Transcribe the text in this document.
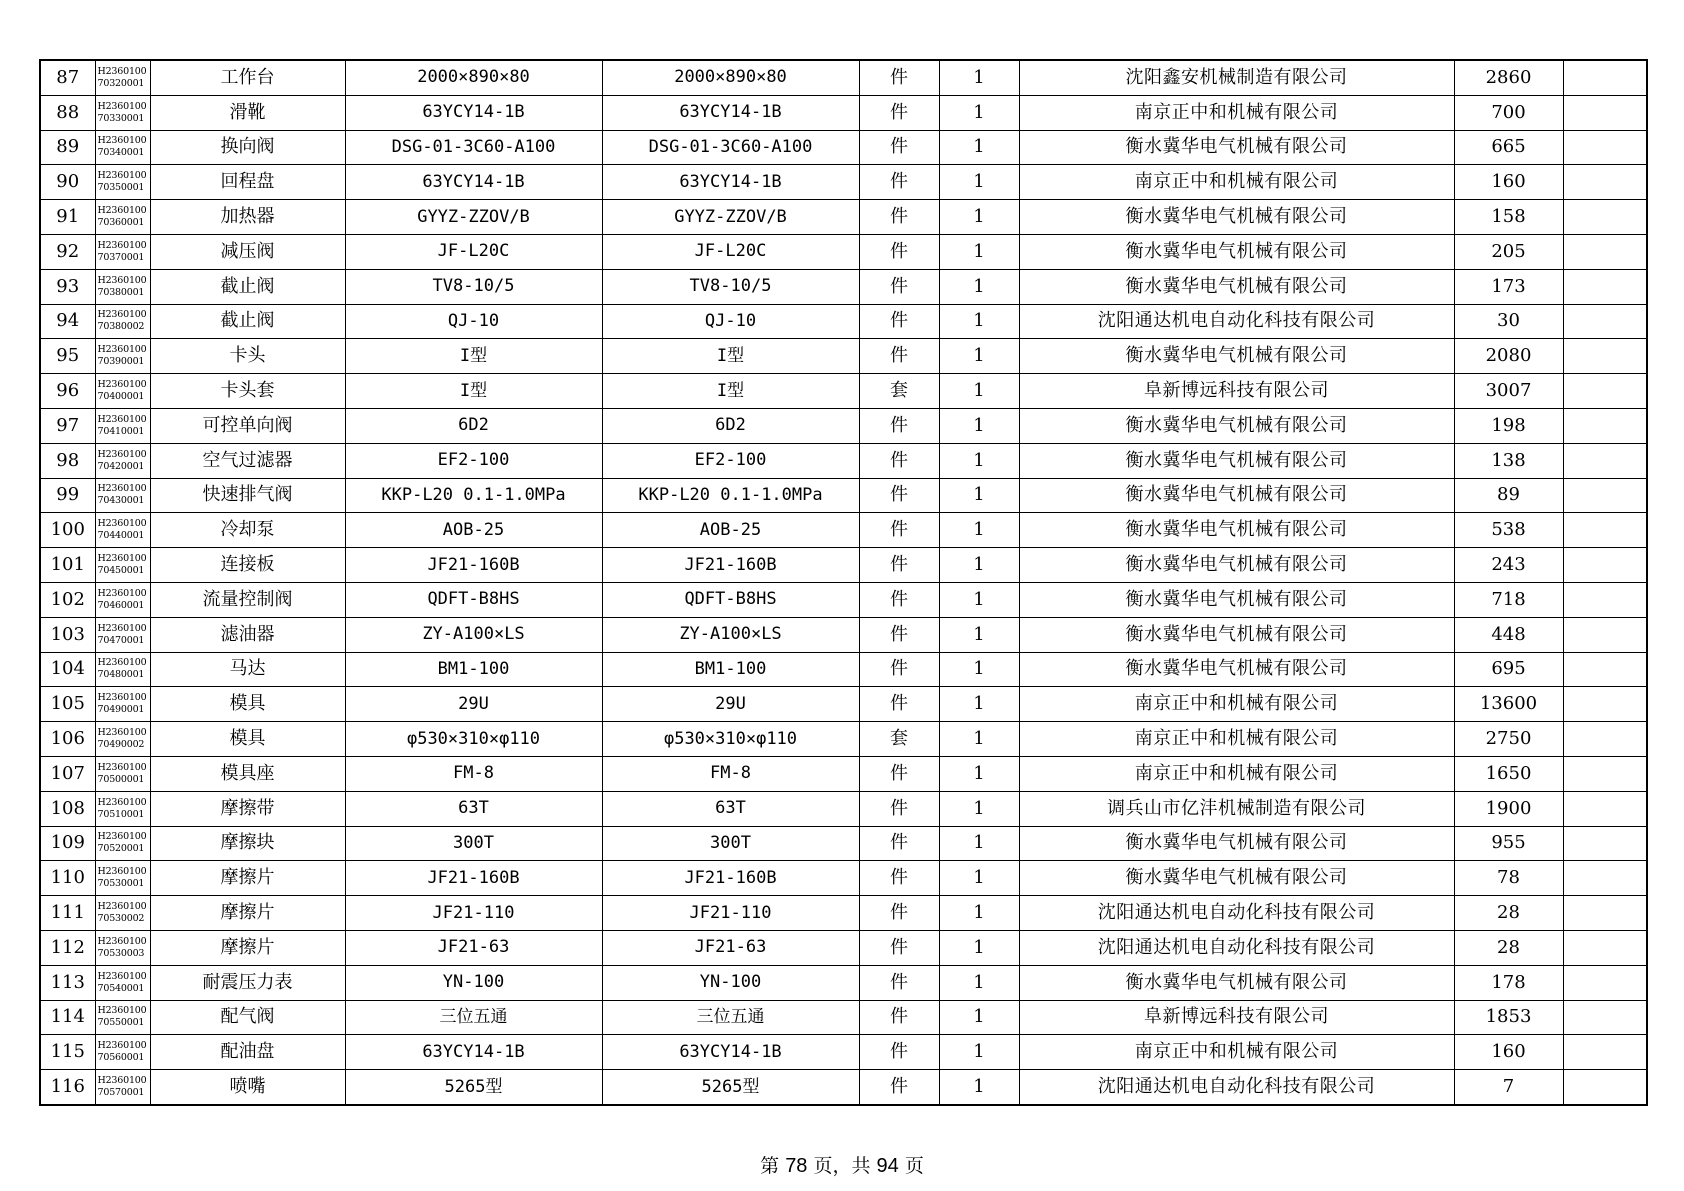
87	H236010070320001	工作台	2000×890×80	2000×890×80	件	1	沈阳鑫安机械制造有限公司	2860	
88	H236010070330001	滑靴	63YCY14-1B	63YCY14-1B	件	1	南京正中和机械有限公司	700	
89	H236010070340001	换向阀	DSG-01-3C60-A100	DSG-01-3C60-A100	件	1	衡水冀华电气机械有限公司	665	
90	H236010070350001	回程盘	63YCY14-1B	63YCY14-1B	件	1	南京正中和机械有限公司	160	
91	H236010070360001	加热器	GYYZ-ZZOV/B	GYYZ-ZZOV/B	件	1	衡水冀华电气机械有限公司	158	
92	H236010070370001	减压阀	JF-L20C	JF-L20C	件	1	衡水冀华电气机械有限公司	205	
93	H236010070380001	截止阀	TV8-10/5	TV8-10/5	件	1	衡水冀华电气机械有限公司	173	
94	H236010070380002	截止阀	QJ-10	QJ-10	件	1	沈阳通达机电自动化科技有限公司	30	
95	H236010070390001	卡头	I型	I型	件	1	衡水冀华电气机械有限公司	2080	
96	H236010070400001	卡头套	I型	I型	套	1	阜新博远科技有限公司	3007	
97	H236010070410001	可控单向阀	6D2	6D2	件	1	衡水冀华电气机械有限公司	198	
98	H236010070420001	空气过滤器	EF2-100	EF2-100	件	1	衡水冀华电气机械有限公司	138	
99	H236010070430001	快速排气阀	KKP-L20 0.1-1.0MPa	KKP-L20 0.1-1.0MPa	件	1	衡水冀华电气机械有限公司	89	
100	H236010070440001	冷却泵	AOB-25	AOB-25	件	1	衡水冀华电气机械有限公司	538	
101	H236010070450001	连接板	JF21-160B	JF21-160B	件	1	衡水冀华电气机械有限公司	243	
102	H236010070460001	流量控制阀	QDFT-B8HS	QDFT-B8HS	件	1	衡水冀华电气机械有限公司	718	
103	H236010070470001	滤油器	ZY-A100×LS	ZY-A100×LS	件	1	衡水冀华电气机械有限公司	448	
104	H236010070480001	马达	BM1-100	BM1-100	件	1	衡水冀华电气机械有限公司	695	
105	H236010070490001	模具	29U	29U	件	1	南京正中和机械有限公司	13600	
106	H236010070490002	模具	φ530×310×φ110	φ530×310×φ110	套	1	南京正中和机械有限公司	2750	
107	H236010070500001	模具座	FM-8	FM-8	件	1	南京正中和机械有限公司	1650	
108	H236010070510001	摩擦带	63T	63T	件	1	调兵山市亿沣机械制造有限公司	1900	
109	H236010070520001	摩擦块	300T	300T	件	1	衡水冀华电气机械有限公司	955	
110	H236010070530001	摩擦片	JF21-160B	JF21-160B	件	1	衡水冀华电气机械有限公司	78	
111	H236010070530002	摩擦片	JF21-110	JF21-110	件	1	沈阳通达机电自动化科技有限公司	28	
112	H236010070530003	摩擦片	JF21-63	JF21-63	件	1	沈阳通达机电自动化科技有限公司	28	
113	H236010070540001	耐震压力表	YN-100	YN-100	件	1	衡水冀华电气机械有限公司	178	
114	H236010070550001	配气阀	三位五通	三位五通	件	1	阜新博远科技有限公司	1853	
115	H236010070560001	配油盘	63YCY14-1B	63YCY14-1B	件	1	南京正中和机械有限公司	160	
116	H236010070570001	喷嘴	5265型	5265型	件	1	沈阳通达机电自动化科技有限公司	7	
第 78 页，共 94 页
